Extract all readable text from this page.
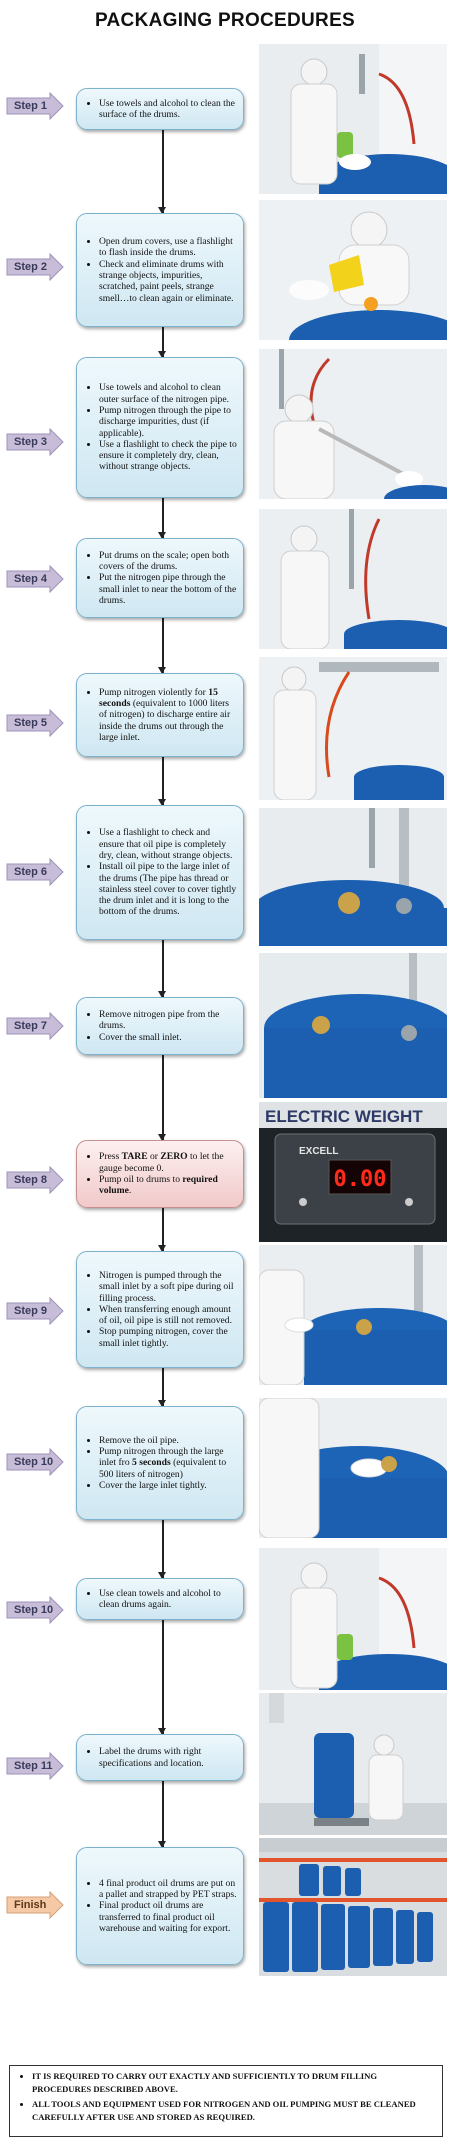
PACKAGING PROCEDURES
Step 1
•	Use towels and alcohol to clean the surface of the drums.
Step 2
• Open drum covers, use a flashlight to flash inside the drums.
• Check and eliminate drums with strange objects, impurities, scratched, paint peels, strange smell…to clean again or eliminate.
Step 3
• Use towels and alcohol to clean outer surface of the nitrogen pipe.
• Pump nitrogen through the pipe to discharge impurities, dust (if applicable).
• Use a flashlight to check the pipe to ensure it completely dry, clean, without strange objects.
Step 4
• Put drums on the scale; open both covers of the drums.
• Put the nitrogen pipe through the small inlet to near the bottom of the drums.
Step 5
• Pump nitrogen violently for 15 seconds (equivalent to 1000 liters of nitrogen) to discharge entire air inside the drums out through the large inlet.
Step 6
• Use a flashlight to check and ensure that oil pipe is completely dry, clean, without strange objects.
• Install oil pipe to the large inlet of the drums (The pipe has thread or stainless steel cover to cover tightly the drum inlet and it is long to the bottom of the drums.
Step 7
• Remove nitrogen pipe from the drums.
• Cover the small inlet.
Step 8
• Press TARE or ZERO to let the gauge become 0.
• Pump oil to drums to required volume.
ELECTRIC WEIGHT
EXCELL
0.00
Step 9
• Nitrogen is pumped through the small inlet by a soft pipe during oil filling process.
• When transferring enough amount of oil, oil pipe is still not removed.
• Stop pumping nitrogen, cover the small inlet tightly.
Step 10
• Remove the oil pipe.
• Pump nitrogen through the large inlet fro 5 seconds (equivalent to 500 liters of nitrogen)
• Cover the large inlet tightly.
Step 10
• Use clean towels and alcohol to clean drums again.
Step 11
• Label the drums with right specifications and location.
Finish
• 4 final product oil drums are put on a pallet and strapped by PET straps.
• Final product oil drums are transferred to final product oil warehouse and waiting for export.
• IT IS REQUIRED TO CARRY OUT EXACTLY AND SUFFICIENTLY TO DRUM FILLING PROCEDURES DESCRIBED ABOVE.
• ALL TOOLS AND EQUIPMENT USED FOR NITROGEN AND OIL PUMPING MUST BE CLEANED CAREFULLY AFTER USE AND STORED AS REQUIRED.
